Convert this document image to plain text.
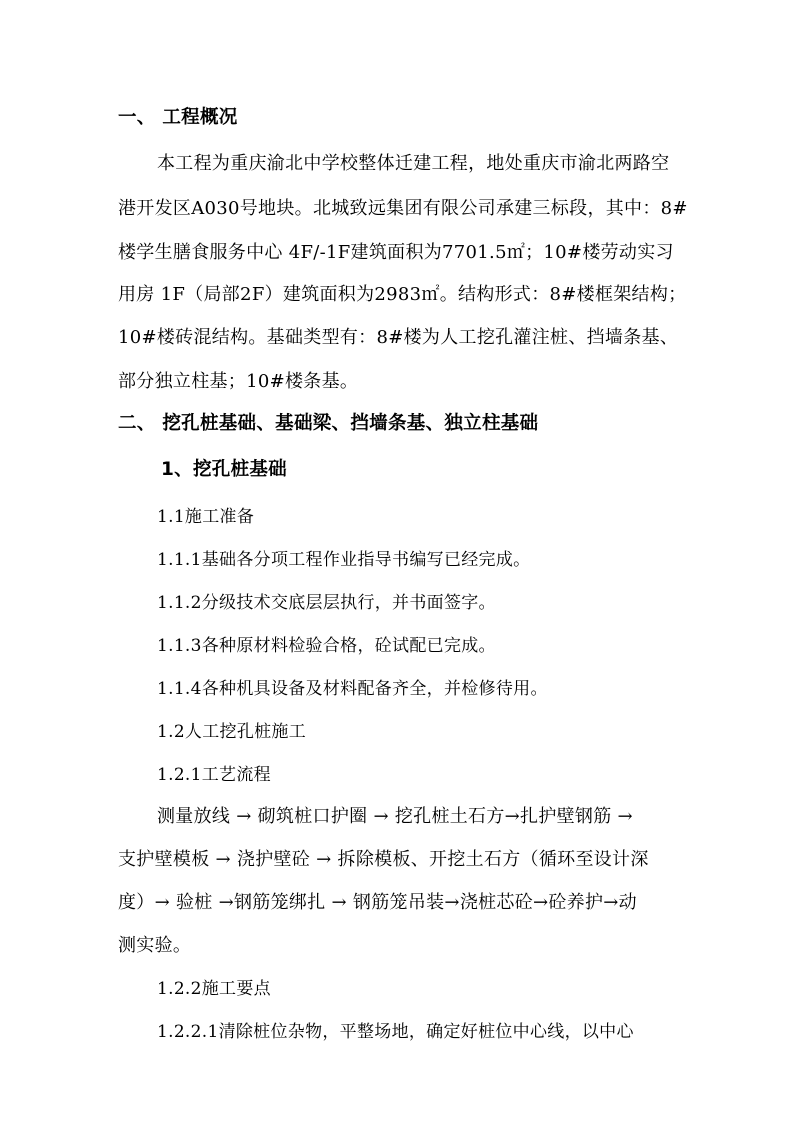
一、 工程概况
本工程为重庆渝北中学校整体迁建工程，地处重庆市渝北两路空
港开发区A030号地块。北城致远集团有限公司承建三标段，其中：8#
楼学生膳食服务中心 4F/-1F建筑面积为7701.5㎡；10#楼劳动实习
用房 1F（局部2F）建筑面积为2983㎡。结构形式：8#楼框架结构；
10#楼砖混结构。基础类型有：8#楼为人工挖孔灌注桩、挡墙条基、
部分独立柱基；10#楼条基。
二、 挖孔桩基础、基础梁、挡墙条基、独立柱基础
1、挖孔桩基础
1.1施工准备
1.1.1基础各分项工程作业指导书编写已经完成。
1.1.2分级技术交底层层执行，并书面签字。
1.1.3各种原材料检验合格，砼试配已完成。
1.1.4各种机具设备及材料配备齐全，并检修待用。
1.2人工挖孔桩施工
1.2.1工艺流程
测量放线 → 砌筑桩口护圈 → 挖孔桩土石方→扎护壁钢筋 →
支护壁模板 → 浇护壁砼 → 拆除模板、开挖土石方（循环至设计深
度）→ 验桩 →钢筋笼绑扎 → 钢筋笼吊装→浇桩芯砼→砼养护→动
测实验。
1.2.2施工要点
1.2.2.1清除桩位杂物，平整场地，确定好桩位中心线，以中心
